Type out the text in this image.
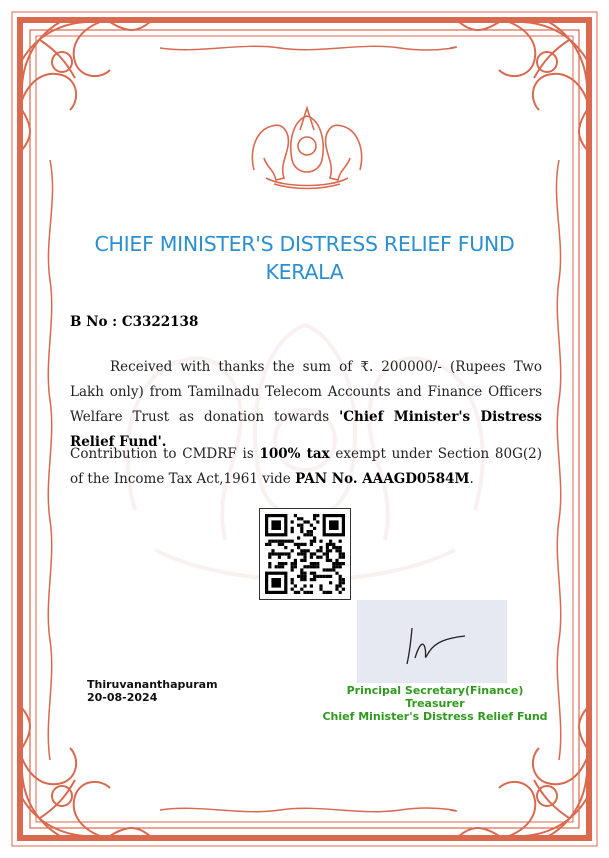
CHIEF MINISTER'S DISTRESS RELIEF FUND
KERALA
B No : C3322138
Received with thanks the sum of ₹. 200000/- (Rupees Two Lakh only) from Tamilnadu Telecom Accounts and Finance Officers Welfare Trust as donation towards 'Chief Minister's Distress Relief Fund'.
Contribution to CMDRF is 100% tax exempt under Section 80G(2) of the Income Tax Act,1961 vide PAN No. AAAGD0584M.
Thiruvananthapuram
20-08-2024
Principal Secretary(Finance)
Treasurer
Chief Minister's Distress Relief Fund
